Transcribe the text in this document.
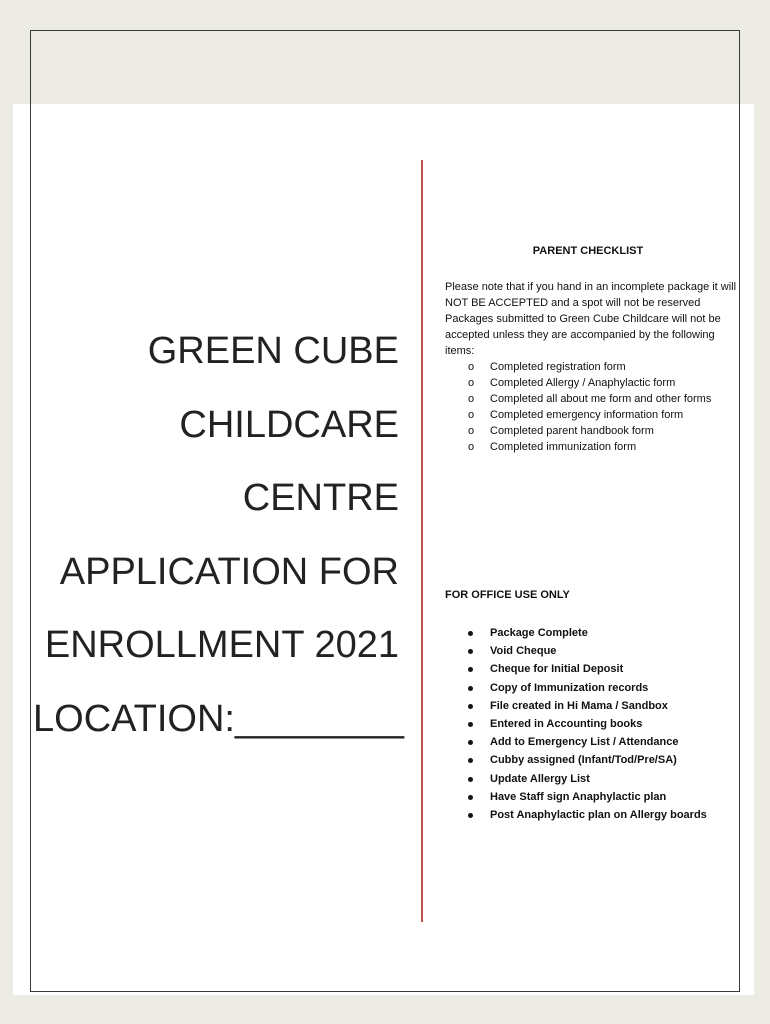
GREEN CUBE
CHILDCARE
CENTRE
APPLICATION FOR
ENROLLMENT 2021
LOCATION:________
PARENT CHECKLIST

Please note that if you hand in an incomplete package it will NOT BE ACCEPTED and a spot will not be reserved

Packages submitted to Green Cube Childcare will not be accepted unless they are accompanied by the following items:

o Completed registration form
o Completed Allergy / Anaphylactic form
o Completed all about me form and other forms
o Completed emergency information form
o Completed parent handbook form
o Completed immunization form
FOR OFFICE USE ONLY
Package Complete
Void Cheque
Cheque for Initial Deposit
Copy of Immunization records
File created in Hi Mama / Sandbox
Entered in Accounting books
Add to Emergency List / Attendance
Cubby assigned (Infant/Tod/Pre/SA)
Update Allergy List
Have Staff sign Anaphylactic plan
Post Anaphylactic plan on Allergy boards
